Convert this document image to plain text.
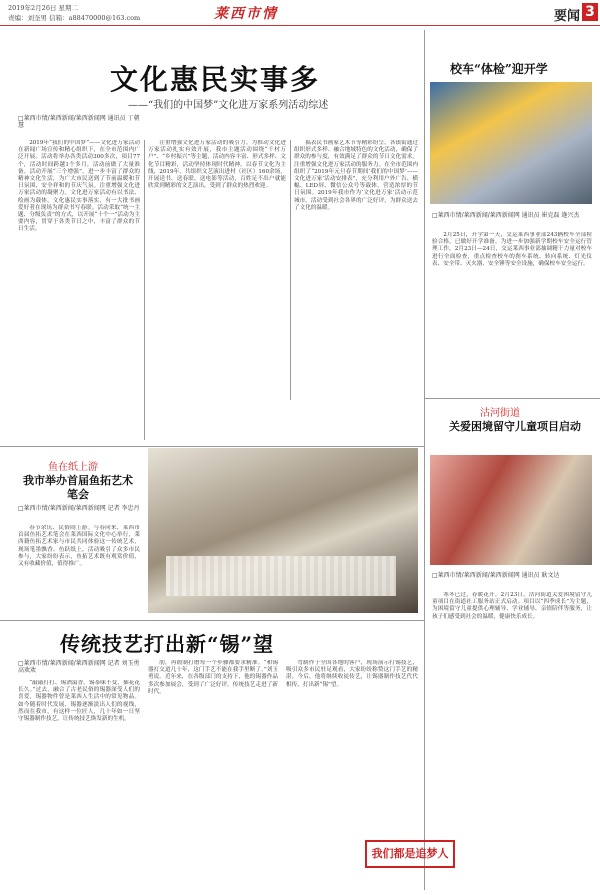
2019年2月26日 星期二
责编：刘奎男 信箱：a88470000@163.com	莱西市情	要闻 3
文化惠民实事多
——“我们的中国梦”文化进万家系列活动综述
□莱西市情/莱西新闻/莱西新闻网 通讯员 丁朝慧

2019年“我们的中国梦”——文化进万家活动在新闻广场宣传和精心组织下，在全市范围内广泛开展。活动将举办各类活动300多次，项目77个，活动时间跨越1个多月，活动前做了大量准备。活动开展“三个增强”，进一步丰富了群众的精神文化生活，为广大市民送到了节前温暖和节日氛围，安全祥和的节庆气氛。注重增强文化进万家活动的凝聚力。文化进万家活动有以书法、绘画为载体，文化惠民实事落实，有一大批书画爱好者在现场为群众书写春联。活动采取“统一主题、分级负责”的方式，以开展“十个一”活动为主要内容，贯穿于各类节日之中，丰富了群众的节日生活。

注重增强文化进万家活动的吸引力。为推动文化进万家活动扎实有效开展，我市主题活动围绕“千村万户”、“乡村振兴”等主题，活动内容丰富、形式多样、文化节目精彩，活动坚持体现时代精神，以春节文化为主线，2019年，共组织文艺演出进村（社区）160余场，开展送书、送春联、送电影等活动，百姓足不出户就能欣赏到精彩的文艺演出，受到了群众的热烈欢迎。

搞表民书画家艺术节等精彩纷呈，各镇街通过组织形式多样、融合地域特色的文化活动，确保了群众的参与度，有效满足了群众的节日文化需求。注重增强文化进万家活动的服务力。在全市范围内组织了“2019年元旦春节期间‘我们的中国梦’——文化进万家’活动安排表”，充分利用户外广告、横幅、LED屏、微信公众号等载体，营造浓厚的节日氛围。2019年我市作为‘文化进万家’活动示范城市，活动受到社会各界的广泛好评，为群众送去了文化的温暖。

校车“体检”迎开学
□莱西市情/莱西新闻/莱西新闻网 通讯员 崔克磊 逄兴杰

2月25日，开学第一天，交运莱西事业部243辆校车全部检验合格，已做好开学准备。为进一步加强新学期校车安全运行管理工作，2月23日—24日，交运莱西事业部抽调精干力量对校车进行全面检查，重点检查校车的刹车系统、转向系统、灯光仪表、安全带、灭火器、安全锤等安全设施，确保校车安全运行。

沽河街道
关爱困境留守儿童项目启动
□莱西市情/莱西新闻/莱西新闻网 通讯员 耿文达

寒冬已过，春暖花开。2月23日，沽河街道关爱困境留守儿童项目在街道社工服务站正式启动。项目以“四季成长”为主题，为困境留守儿童提供心理辅导、学业辅导、亲情陪伴等服务，让孩子们感受到社会的温暖，健康快乐成长。

鱼在纸上游
我市举办首届鱼拓艺术笔会
□莱西市情/莱西新闻/莱西新闻网 记者 李忠丹

春节余庆、民俗闹上游。与春同来，莱西市首届鱼拓艺术笔会在莱西国际文化中心举行，莱西籍鱼拓艺术家与市民共同体验这一传统艺术，现场笔墨飘香、鱼跃纸上，活动吸引了众多市民参与，大家纷纷表示，鱼拓艺术既有观赏价值，又有收藏价值，值得推广。

传统技艺打出新“锡”望
□莱西市情/莱西新闻/莱西新闻网 记者 刘玉勇 高欢欢

“敲敲打打、锡酒溢香。锡茶味不变，插花花长久。”过去，融合了古老民俗的锡器深受人们的喜爱，锡器物件曾是莱西人生活中的常见物品。如今随着时代发展，锡器逐渐淡出人们的视线，然而在我市，有这样一位匠人，几十年如一日坚守锡器制作技艺，让传统技艺焕发新的生机。

肋，再锻制打磨每一个步骤都要求精准。“和锡器打交道几十年，这门手艺不能在我手里断了。”刘玉勇说。近年来，在各级部门的支持下，他的锡器作品多次参加展会，受到了广泛好评，传统技艺走进了新时代。

弯制作于全国各地的客户，现场演示打锡技艺，吸引众多市民驻足观看，大家纷纷称赞这门手艺的精湛。今后，他将继续收徒传艺，让锡器制作技艺代代相传，打出新“锡”望。

我们都是追梦人
